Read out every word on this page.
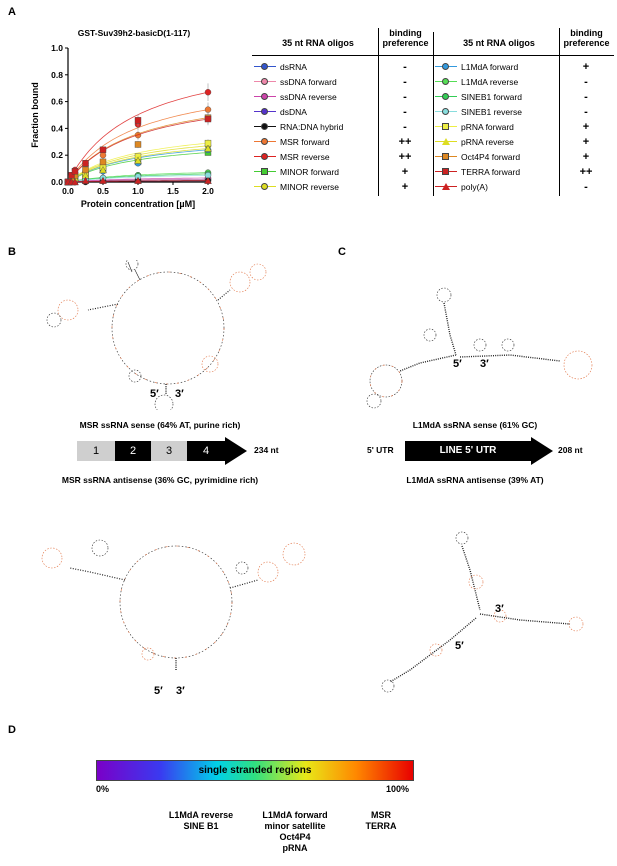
A
B	C
D
GST-Suv39h2-basicD(1-117)
0.0
0.2
0.4
0.6
0.8
1.0
0.0	0.5	1.0	1.5	2.0
Protein concentration [µM]
Fraction bound
35 nt RNA oligos
binding
preference	35 nt RNA oligos
binding
preference
dsRNA	-
ssDNA forward	-
ssDNA reverse	-
dsDNA	-
RNA:DNA hybrid	-
MSR forward	++
MSR reverse	++
MINOR forward	+
MINOR reverse	+
L1MdA forward	+
L1MdA reverse	-
SINEB1 forward	-
SINEB1 reverse	-
pRNA forward	+
pRNA reverse	+
Oct4P4 forward	+
TERRA forward	++
poly(A)	-
5′ 3′
MSR ssRNA sense (64% AT, purine rich)
1	2	3	4	234 nt
MSR ssRNA antisense (36% GC, pyrimidine rich)
5′ 3′
5′ 3′
L1MdA ssRNA sense (61% GC)
5' UTR	LINE 5' UTR	208 nt
L1MdA ssRNA antisense (39% AT)
3′
5′
single stranded regions
0%	100%
L1MdA reverse
SINE B1
L1MdA forward
minor satellite
Oct4P4
pRNA
MSR
TERRA
